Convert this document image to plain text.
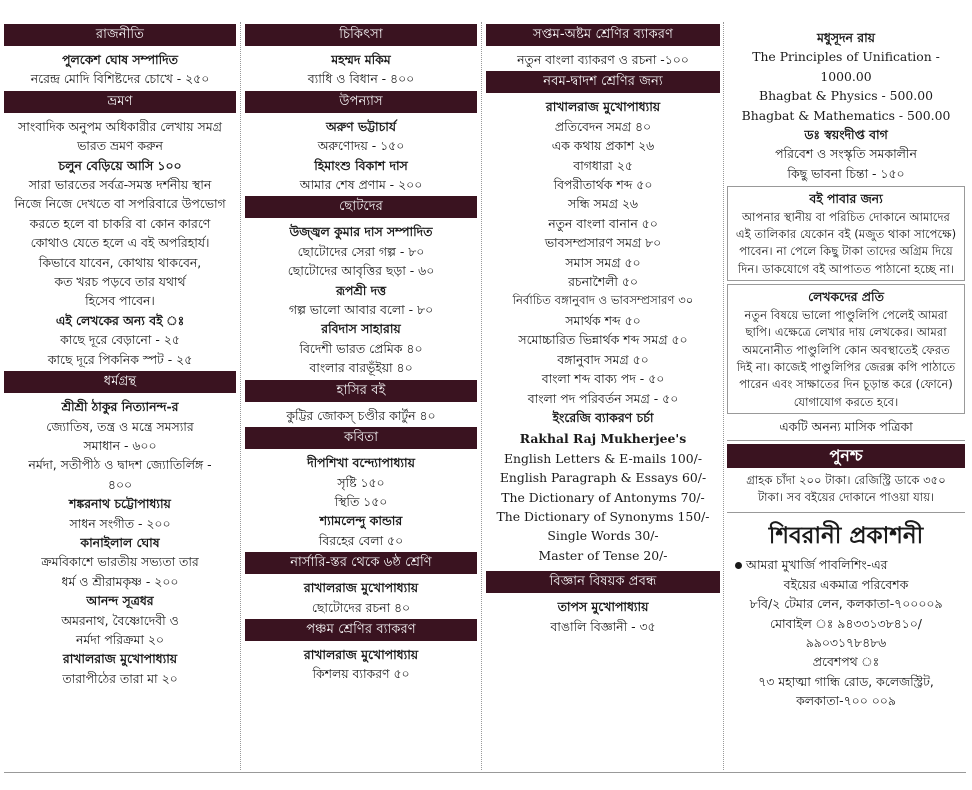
রাজনীতি
পুলকেশ ঘোষ সম্পাদিত
নরেন্দ্র মোদি বিশিষ্টদের চোখে - ২৫০
ভ্রমণ
সাংবাদিক অনুপম অধিকারীর লেখায় সমগ্র
ভারত ভ্রমণ করুন
চলুন বেড়িয়ে আসি ১০০
সারা ভারতের সর্বত্র-সমস্ত দর্শনীয় স্থান
নিজে নিজে দেখতে বা সপরিবারে উপভোগ
করতে হলে বা চাকরি বা কোন কারণে
কোথাও যেতে হলে এ বই অপরিহার্য।
কিভাবে যাবেন, কোথায় থাকবেন,
কত খরচ পড়বে তার যথার্থ
হিসেব পাবেন।
এই লেখকের অন্য বই ঃ
কাছে দূরে বেড়ানো - ২৫
কাছে দূরে পিকনিক স্পট - ২৫
ধর্মগ্রন্থ
শ্রীশ্রী ঠাকুর নিত্যানন্দ-র
জ্যোতিষ, তন্ত্র ও মন্ত্রে সমস্যার
সমাধান - ৬০০
নর্মদা, সতীপীঠ ও দ্বাদশ জ্যোতির্লিঙ্গ -
৪০০
শঙ্করনাথ চট্টোপাধ্যায়
সাধন সংগীত - ২০০
কানাইলাল ঘোষ
ক্রমবিকাশে ভারতীয় সভ্যতা তার
ধর্ম ও শ্রীরামকৃষ্ণ - ২০০
আনন্দ সূত্রধর
অমরনাথ, বৈষ্ণোদেবী ও
নর্মদা পরিক্রমা ২০
রাখালরাজ মুখোপাধ্যায়
তারাপীঠের তারা মা ২০
চিকিৎসা
মহম্মদ মকিম
ব্যাধি ও বিধান - ৪০০
উপন্যাস
অরুণ ভট্টাচার্য
অরুণোদয় - ১৫০
হিমাংশু বিকাশ দাস
আমার শেষ প্রণাম - ২০০
ছোটদের
উজ্জ্বল কুমার দাস সম্পাদিত
ছোটোদের সেরা গল্প - ৮০
ছোটোদের আবৃত্তির ছড়া - ৬০
রূপশ্রী দত্ত
গল্প ভালো আবার বলো - ৮০
রবিদাস সাহারায়
বিদেশী ভারত প্রেমিক ৪০
বাংলার বারভূঁইয়া ৪০
হাসির বই
কুট্টির জোকস্‌ চণ্ডীর কার্টুন ৪০
কবিতা
দীপশিখা বন্দ্যোপাধ্যায়
সৃষ্টি ১৫০
স্থিতি ১৫০
শ্যামলেন্দু কান্ডার
বিরহের বেলা ৫০
নার্সারি-স্তর থেকে ৬ষ্ঠ শ্রেণি
রাখালরাজ মুখোপাধ্যায়
ছোটোদের রচনা ৪০
পঞ্চম শ্রেণির ব্যাকরণ
রাখালরাজ মুখোপাধ্যায়
কিশলয় ব্যাকরণ ৫০
সপ্তম-অষ্টম শ্রেণির ব্যাকরণ
নতুন বাংলা ব্যাকরণ ও রচনা -১০০
নবম-দ্বাদশ শ্রেণির জন্য
রাখালরাজ মুখোপাধ্যায়
প্রতিবেদন সমগ্র ৪০
এক কথায় প্রকাশ ২৬
বাগধারা ২৫
বিপরীতার্থক শব্দ ৫০
সন্ধি সমগ্র ২৬
নতুন বাংলা বানান ৫০
ভাবসম্প্রসারণ সমগ্র ৮০
সমাস সমগ্র ৫০
রচনাশৈলী ৫০
নির্বাচিত বঙ্গানুবাদ ও ভাবসম্প্রসারণ ৩০
সমার্থক শব্দ ৫০
সমোচ্চারিত ভিন্নার্থক শব্দ সমগ্র ৫০
বঙ্গানুবাদ সমগ্র ৫০
বাংলা শব্দ বাক্য পদ - ৫০
বাংলা পদ পরিবর্তন সমগ্র - ৫০
ইংরেজি ব্যাকরণ চর্চা
Rakhal Raj Mukherjee's
English Letters & E-mails 100/-
English Paragraph & Essays 60/-
The Dictionary of Antonyms 70/-
The Dictionary of Synonyms 150/-
Single Words 30/-
Master of Tense 20/-
বিজ্ঞান বিষয়ক প্রবন্ধ
তাপস মুখোপাধ্যায়
বাঙালি বিজ্ঞানী - ৩৫
মধুসূদন রায়
The Principles of Unification -
1000.00
Bhagbat & Physics - 500.00
Bhagbat & Mathematics - 500.00
ডঃ স্বয়ংদীপ্ত বাগ
পরিবেশ ও সংস্কৃতি সমকালীন
কিছু ভাবনা চিন্তা - ১৫০
বই পাবার জন্য
আপনার স্থানীয় বা পরিচিত দোকানে আমাদের
এই তালিকার যেকোন বই (মজুত থাকা সাপেক্ষে)
পাবেন। না পেলে কিছু টাকা তাদের অগ্রিম দিয়ে
দিন। ডাকযোগে বই আপাতত পাঠানো হচ্ছে না।
লেখকদের প্রতি
নতুন বিষয়ে ভালো পাণ্ডুলিপি পেলেই আমরা
ছাপি। এক্ষেত্রে লেখার দায় লেখকের। আমরা
অমনোনীত পাণ্ডুলিপি কোন অবস্থাতেই ফেরত
দিই না। কাজেই পাণ্ডুলিপির জেরক্স কপি পাঠাতে
পারেন এবং সাক্ষাতের দিন চূড়ান্ত করে (ফোনে)
যোগাযোগ করতে হবে।
একটি অনন্য মাসিক পত্রিকা
পুনশ্চ
গ্রাহক চাঁদা ২০০ টাকা। রেজিস্ট্রি ডাকে ৩৫০
টাকা। সব বইয়ের দোকানে পাওয়া যায়।
শিবরানী প্রকাশনী
আমরা মুখার্জি পাবলিশিং-এর
বইয়ের একমাত্র পরিবেশক
৮বি/২ টেমার লেন, কলকাতা-৭০০০০৯
মোবাইল ঃ ৯৪৩৩১৩৮৪১০/
৯৯০৩১৭৮৪৮৬
প্রবেশপথ ঃ
৭৩ মহাত্মা গান্ধি রোড, কলেজস্ট্রিট,
কলকাতা-৭০০ ০০৯
